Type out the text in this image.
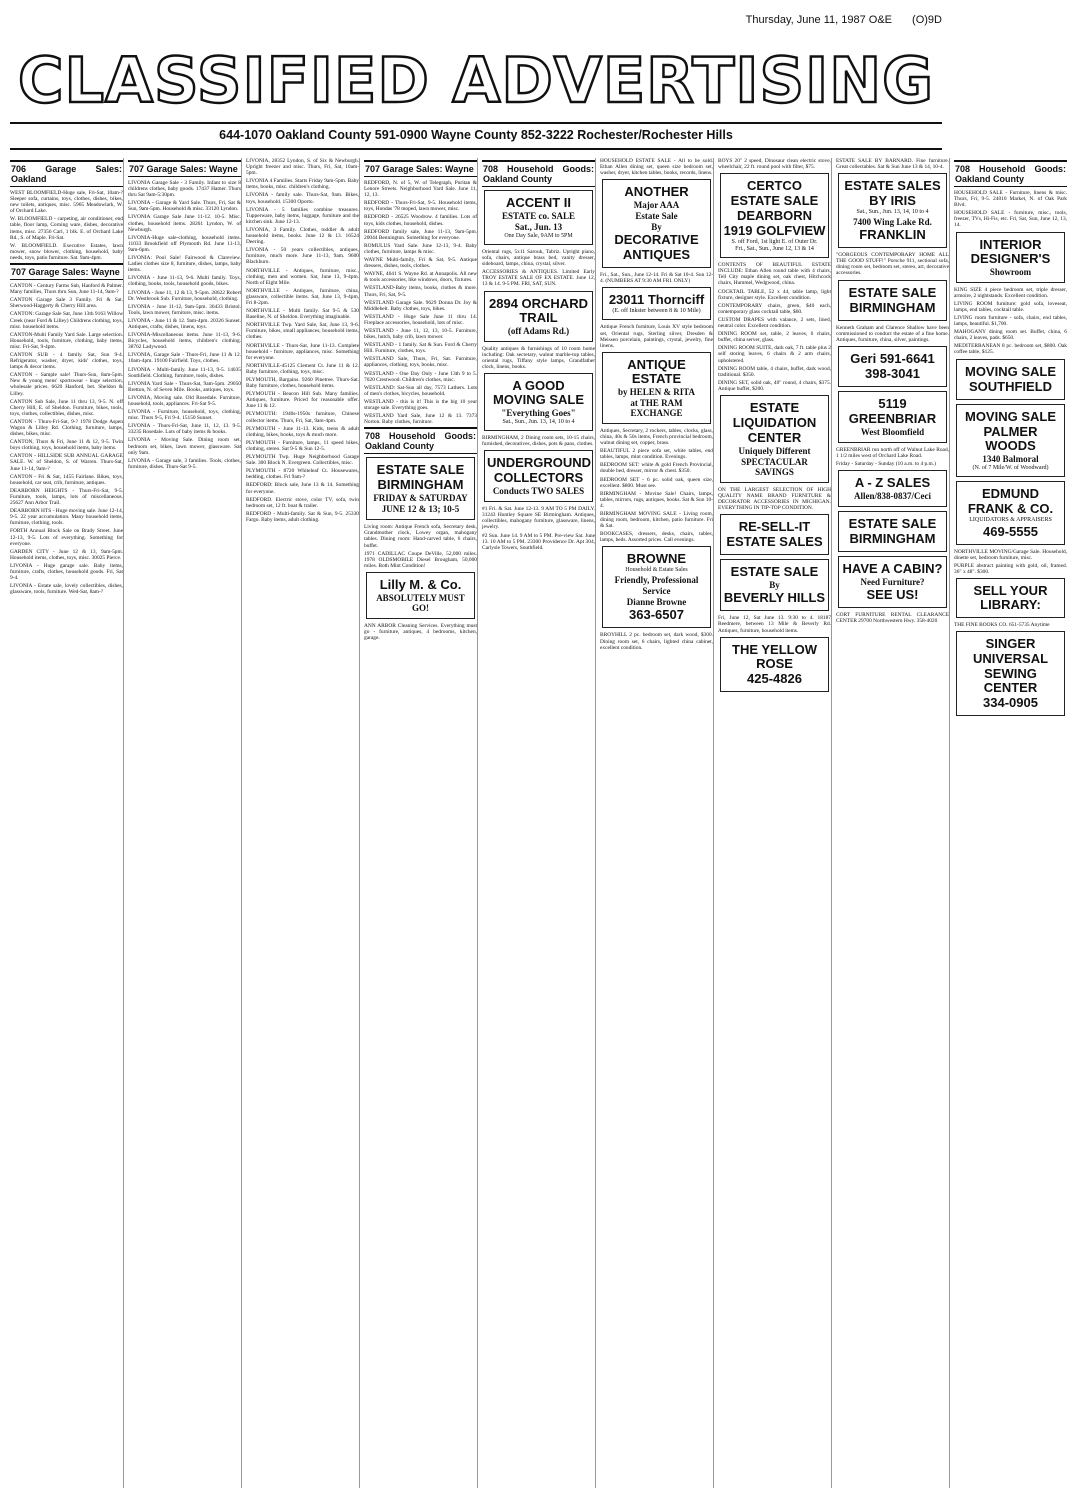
Thursday, June 11, 1987 O&E (O)9D
CLASSIFIED ADVERTISING
644-1070 Oakland County 591-0900 Wayne County 852-3222 Rochester/Rochester Hills
706 Garage Sales: Oakland

WEST BLOOMFIELD-Huge sale, Fri-Sat, 10am-? Sleeper sofa, curtains, toys, clothes, dishes, bikes, new toilets, antiques, misc. 5965 Meadowlark, W. of Orchard Lake.

W. BLOOMFIELD - carpeting, air conditioner, end table, floor lamp, Corning ware, dishes, decorative items, misc. 27356 Carl, 1 blk. E. of Orchard Lake Rd., S. of Maple. Fri-Sat.

W. BLOOMFIELD. Executive Estates, lawn mower, snow blower, clothing, household, baby needs, toys, patio furniture. Sat. 9am-4pm.

707 Garage Sales: Wayne

CANTON - Century Farms Sub, Hanford & Palmer. Many families, Thurs thru Sun, June 11-14, 9am-?

CANTON Garage Sale 3 Family. Fri & Sat. Sherwood-Haggerty & Cherry Hill area.

CANTON: Garage Sale Sat, June 13th 9163 Willow Creek (near Ford & Lilley) Childrens clothing, toys, misc. household items.

CANTON-Multi Family Yard Sale. Large selection. Household, tools, furniture, clothing, baby items, misc. Fri-Sat, 9-4pm.

CANTON SUB - 4 family. Sat, Sun 9-4. Refrigerator, washer, dryer, kids' clothes, toys, lamps & decor items.

CANTON - Sample sale! Thurs-Sun, 8am-5pm. New & young mens' sportswear - huge selection, wholesale prices. 6620 Hanford, bet. Sheldon & Lilley.

CANTON Sub Sale, June 11 thru 13, 9-5. N. off Cherry Hill, E. of Sheldon. Furniture, bikes, tools, toys, clothes, collectibles, dishes, misc.

CANTON - Thurs-Fri-Sat, 9-? 1978 Dodge Aspen Wagon & Lilley Rd. Clothing, furniture, lamps, dishes, bikes, misc.

CANTON, Thurs & Fri, June 11 & 12, 9-5. Twin boys clothing, toys, household items, baby items.

CANTON - HILLSIDE SUB ANNUAL GARAGE SALE. W. of Sheldon, S. of Warren. Thurs-Sat, June 11-14, 9am-?

CANTON - Fri & Sat, 1455 Fairlane. Bikes, toys, household, car seat, crib, furniture, antiques.

DEARBORN HEIGHTS - Thurs-Fri-Sat, 9-5. Furniture, tools, lamps, lots of miscellaneous. 25627 Ann Arbor Trail.

DEARBORN HTS - Huge moving sale. June 12-14, 9-5. 22 year accumulation. Many household items, furniture, clothing, tools.

FORTH Annual Block Sale on Brady Street. June 12-13, 9-5. Lots of everything. Something for everyone.

GARDEN CITY - June 12 & 13, 9am-5pm. Household items, clothes, toys, misc. 30025 Pierce.

LIVONIA - Huge garage sale. Baby items, furniture, crafts, clothes, household goods. Fri, Sat 9-4.

LIVONIA - Estate sale, lovely collectibles, dishes, glassware, tools, furniture. Wed-Sat, 8am-?

707 Garage Sales: Wayne

LIVONIA Garage Sale - 3 Family. Infant to size 8 childrens clothes, baby goods. 17437 Hamer. Thurs thru Sat 9am-5:30pm.

LIVONIA - Garage & Yard Sale. Thurs, Fri, Sat & Sun, 9am-5pm. Household & misc. 33120 Lyndon.

LIVONIA Garage Sale June 11-12. 10-5. Misc. clothes, household items. 28261 Lyndon, W. of Newburgh.

LIVONIA-Huge sale-clothing, household items. 11033 Brookfield off Plymouth Rd. June 11-13, 9am-6pm.

LIVONIA: Pool Sale! Fairwood & Clareview. Ladies clothes size 8, furniture, dishes, lamps, baby items.

LIVONIA - June 11-13, 9-6. Multi family. Toys, clothing, books, tools, household goods, bikes.

LIVONIA - June 11, 12 & 13, 9-5pm. 28622 Robert Dr. Westbrook Sub. Furniture, household, clothing.

LIVONIA - June 11-12, 9am-5pm. 36433 Bristol. Tools, lawn mower, furniture, misc. items.

LIVONIA - June 11 & 12. 9am-4pm. 20326 Sunset. Antiques, crafts, dishes, linens, toys.

LIVONIA-Miscellaneous items. June 11-13, 9-6. Bicycles, household items, children's clothing. 38762 Ladywood.

LIVONIA, Garage Sale - Thurs-Fri, June 11 & 12. 10am-4pm. 19100 Fairfield. Toys, clothes.

LIVONIA - Multi-family. June 11-13, 9-5. 14035 Southfield. Clothing, furniture, tools, dishes.

LIVONIA Yard Sale - Thurs-Sat, 9am-5pm. 29050 Bretton, N. of Seven Mile. Books, antiques, toys.

LIVONIA, Moving sale. Old Rosedale. Furniture, household, tools, appliances. Fri-Sat 9-5.

LIVONIA - Furniture, household, toys, clothing, misc. Thurs 9-5, Fri 9-4. 15150 Sunset.

LIVONIA - Thurs-Fri-Sat, June 11, 12, 13. 9-5. 33235 Rosedale. Lots of baby items & books.

LIVONIA - Moving Sale. Dining room set, bedroom set, bikes, lawn mower, glassware. Sat only 9am.

LIVONIA - Garage sale, 3 families. Tools, clothes, furniture, dishes. Thurs-Sat 9-5.

LIVONIA, 28352 Lyndon, S. of Six & Newburgh. Upright freezer and misc. Thurs, Fri, Sat, 10am-5pm.

LIVONIA 4 Families. Starts Friday 9am-5pm. Baby items, books, misc. children's clothing.

LIVONIA - family sale. Thurs-Sat, 9am. Bikes, toys, household. 15300 Oporto.

LIVONIA - 5 families combine treasures. Tupperware, baby items, luggage, furniture and the kitchen sink. June 12-13.

LIVONIA, 3 Family. Clothes, toddler & adult household items, books. June 12 & 13. 16524 Deering.

LIVONIA - 50 years collectibles, antiques, furniture, much more. June 11-13, 9am. 9600 Blackburn.

NORTHVILLE - Antiques, furniture, misc., clothing, men and women. Sat, June 13, 9-4pm. North of Eight Mile.

NORTHVILLE - Antiques, furniture, china, glassware, collectible items. Sat, June 13, 9-4pm, Fri 8-2pm.

NORTHVILLE - Multi family. Sat 9-5 & 530 Baseline, N. of Sheldon. Everything imaginable.

NORTHVILLE Twp. Yard Sale, Sat, June 13, 9-6. Furniture, bikes, small appliances, household items, clothes.

NORTHVILLE - Thurs-Sat, June 11-13. Complete household - furniture, appliances, misc. Something for everyone.

NORTHVILLE-45125 Clement Ct. June 11 & 12. Baby furniture, clothing, toys, misc.

PLYMOUTH, Bargains. 9260 Pinetree. Thurs-Sat. Baby furniture, clothes, household items.

PLYMOUTH - Beacon Hill Sub. Many families. Antiques, furniture. Priced for reasonable offer. June 11 & 12.

PLYMOUTH: 1940s-1950s furniture, Chinese collector items. Thurs, Fri, Sat, 9am-4pm.

PLYMOUTH - June 11-13. Kids, teens & adult clothing, bikes, books, toys & much more.

PLYMOUTH - Furniture, lamps, 11 speed bikes, clothing, stereo. Sat 9-5 & Sun 12-5.

PLYMOUTH Twp. Huge Neighborhood Garage Sale. 300 Block N. Evergreen. Collectibles, misc.

PLYMOUTH - 8720 Whiteleaf Ct. Housewares, bedding, clothes. Fri 9am-?

REDFORD: Block sale, June 13 & 14. Something for everyone.

REDFORD. Electric stove, color TV, sofa, twin bedroom set, 12 ft. boat & trailer.

REDFORD - Multi-family. Sat & Sun, 9-5. 25330 Fargo. Baby items, adult clothing.

707 Garage Sales: Wayne

REDFORD, N. of 5, W. of Telegraph, Puritan & Lenore Streets. Neighborhood Yard Sale. June 11, 12, 13.

REDFORD - Thurs-Fri-Sat, 9-5. Household items, toys, Hondas '78 moped, lawn mower, misc.

REDFORD - 26525 Woodrow. 4 families. Lots of toys, kids clothes, household, dishes.

REDFORD family sale, June 11-13, 9am-5pm. 20044 Bennington. Something for everyone.

ROMULUS Yard Sale. June 12-13, 9-4. Baby clothes, furniture, lamps & misc.

WAYNE Multi-family, Fri & Sat, 9-5. Antique dressers, dishes, tools, clothes.

WAYNE, 4641 S. Wayne Rd. at Annapolis. All new & tools accessories, like windows, doors, fixtures.

WESTLAND-Baby items, books, clothes & more. Thurs, Fri, Sat, 9-5.

WESTLAND Garage Sale. 9629 Donna Dr. Joy & Middlebelt. Baby clothes, toys, bikes.

WESTLAND - Huge Sale June 11 thru 14. Fireplace accessories, household, lots of misc.

WESTLAND - June 11, 12, 13, 10-5. Furniture, bikes, hutch, baby crib, lawn mower.

WESTLAND - 1 family. Sat & Sun. Ford & Cherry Hill. Furniture, clothes, toys.

WESTLAND Sale, Thurs, Fri, Sat. Furniture, appliances, clothing, toys, books, misc.

WESTLAND - One Day Only - June 13th 9 to 5. 7020 Crestwood. Children's clothes, misc.

WESTLAND: Sat-Sun all day, 7573 Lathers. Lots of men's clothes, bicycles, household.

WESTLAND - this is it! This is the big 10 year storage sale. Everything goes.

WESTLAND Yard Sale, June 12 & 13. 7373 Norton. Baby clothes, furniture.

708 Household Goods: Oakland County
ESTATE SALE
BIRMINGHAM
FRIDAY & SATURDAY
JUNE 12 & 13; 10-5

Living room: Antique French sofa, Secretary desk, Grandmother clock, Lowey organ, mahogany tables. Dining room: Hand-carved table, 6 chairs, buffet.

1971 CADILLAC Coupe DeVille, 52,000 miles. 1978 OLDSMOBILE Diesel Brougham, 50,000 miles. Both Mint Condition!

Lilly M. & Co.
ABSOLUTELY MUST GO!

ANN ARBOR Cleaning Services. Everything must go - furniture, antiques, 4 bedrooms, kitchen, garage.

708 Household Goods: Oakland County
ACCENT II
ESTATE co. SALE
Sat., Jun. 13
One Day Sale, 9AM to 5PM

Oriental rugs, 5x11 Sarouk, Tabriz. Upright piano, sofa, chairs, antique brass bed, vanity dresser, sideboard, lamps, china, crystal, silver.

ACCESSORIES & ANTIQUES. Limited Early TROY ESTATE SALE OF EX ESTATE. June 12, 13 & 14. 9-5 PM. FRI, SAT, SUN.

2894 ORCHARD TRAIL
(off Adams Rd.)

Quality antiques & furnishings of 10 room home including: Oak secretary, walnut marble-top tables, oriental rugs, Tiffany style lamps, Grandfather clock, linens, books.

A GOOD MOVING SALE
"Everything Goes"
Sat., Sun., Jun. 13, 14, 10 to 4

BIRMINGHAM, 2 Dining room sets, 10-15 chairs, furnished, decoratives, dishes, pots & pans, clothes.

UNDERGROUND
COLLECTORS
Conducts TWO SALES

#1 Fri. & Sat. June 12-13. 9 AM TO 5 PM DAILY. 31243 Huntley Square SE Birmingham. Antiques, collectibles, mahogany furniture, glassware, linens, jewelry.

#2 Sun. June 14. 9 AM to 5 PM. Pre-view Sat. June 13. 10 AM to 5 PM. 23300 Providence Dr. Apt 304, Carlysle Towers, Southfield.

HOUSEHOLD ESTATE SALE - All to be sold. Ethan Allen dining set, queen size bedroom set, washer, dryer, kitchen tables, books, records, linens.

ANOTHER
Major AAA
Estate Sale
By
DECORATIVE
ANTIQUES

Fri., Sat., Sun., June 12-14. Fri & Sat 10-4. Sun 12-4. (NUMBERS AT 9:30 AM FRI. ONLY)

23011 Thornciff
(E. off Inkster between 8 & 10 Mile)

Antique French furniture, Louis XV style bedroom set, Oriental rugs, Sterling silver, Dresden & Meissen porcelain, paintings, crystal, jewelry, fine linens.

ANTIQUE ESTATE
by HELEN & RITA
at THE RAM EXCHANGE

Antiques, Secretary, 2 rockers, tables, clocks, glass, china, 40s & 50s items, French provincial bedroom, walnut dining set, copper, brass.

BEAUTIFUL 2 piece sofa set, white tables, end tables, lamps, mint condition. Evenings.

BEDROOM SET: white & gold French Provincial, double bed, dresser, mirror & chest. $350.

BEDROOM SET - 6 pc. solid oak, queen size, excellent. $800. Must see.

BIRMINGHAM - Movine Sale! Chairs, lamps, tables, mirrors, rugs, antiques, books. Sat & Sun 10-4.

BIRMINGHAM MOVING SALE - Living room, dining room, bedroom, kitchen, patio furniture. Fri & Sat.

BOOKCASES, dressers, desks, chairs, tables, lamps, beds. Assorted prices. Call evenings.

BROWNE
Household & Estate Sales
Friendly, Professional
Service
Dianne Browne
363-6507

BROYHILL 2 pc. bedroom set, dark wood, $300. Dining room set, 6 chairs, lighted china cabinet, excellent condition.

BOYS 20" 2 speed, Dinosaur clean electric stove, wheelchair, 22 ft. round pool with filter, $75.

CERTCO
ESTATE SALE
DEARBORN
1919 GOLFVIEW
S. off Ford, 1st light E. of Outer Dr.
Fri., Sat., Sun., June 12, 13 & 14

CONTENTS OF BEAUTIFUL ESTATE INCLUDE: Ethan Allen round table with 4 chairs, Tell City maple dining set, oak chest, Hitchcock chairs, Hummel, Wedgwood, china.

COCKTAIL TABLE, 52 x 44, table lamp, light fixture, designer style. Excellent condition.

CONTEMPORARY chairs, green, $40 each, contemporary glass cocktail table, $60.

CUSTOM DRAPES with valance, 2 sets, lined, neutral color. Excellent condition.

DINING ROOM set, table, 2 leaves, 6 chairs, buffet, china server, glass.

DINING ROOM SUITE, dark oak, 7 ft. table plus 2 self storing leaves, 6 chairs & 2 arm chairs, upholstered.

DINING ROOM table, 4 chairs, buffet, dark wood, traditional. $350.

DINING SET, solid oak, 40" round, 4 chairs, $375. Antique buffet, $200.

ESTATE
LIQUIDATION
CENTER
Uniquely Different
SPECTACULAR SAVINGS

ON THE LARGEST SELECTION OF HIGH QUALITY NAME BRAND FURNITURE & DECORATOR ACCESSORIES IN MICHIGAN. EVERYTHING IN TIP-TOP CONDITION.

RE-SELL-IT
ESTATE SALES
ESTATE SALE
By
BEVERLY HILLS

Fri, June 12, Sat June 13. 9:30 to 4. 18187 Reedmere, between 13 Mile & Beverly Rd. Antiques, furniture, household items.

THE YELLOW ROSE
425-4826

ESTATE SALE BY BARNARD. Fine furniture. Great collectables. Sat & Sun June 13 & 14, 10-4.

ESTATE SALES
BY IRIS
Sat., Sun., Jun. 13, 14, 10 to 4
7400 Wing Lake Rd.
FRANKLIN

"GORGEOUS CONTEMPORARY HOME ALL THE GOOD STUFF!" Porsche 911, sectional sofa, dining room set, bedroom set, stereo, art, decorative accessories.

ESTATE SALE
BIRMINGHAM

Kenneth Graham and Clarence Shallow have been commissioned to conduct the estate of a fine home. Antiques, furniture, china, silver, paintings.

Geri 591-6641
398-3041
5119
GREENBRIAR
West Bloomfield

GREENBRIAR run north off of Walnut Lake Road, 1 1/2 miles west of Orchard Lake Road.

Friday - Saturday - Sunday (10 a.m. to 4 p.m.)

A - Z SALES
Allen/838-0837/Ceci
ESTATE SALE
BIRMINGHAM
HAVE A CABIN?
Need Furniture?
SEE US!

CORT FURNITURE RENTAL CLEARANCE CENTER 29700 Northwestern Hwy. 358-4020

708 Household Goods: Oakland County

HOUSEHOLD SALE - Furniture, linens & misc. Thurs, Fri, 9-5. 24010 Market, N. of Oak Park Blvd.

HOUSEHOLD SALE - furniture, misc., tools, freezer, TVs, Hi-Fis, etc. Fri, Sat, Sun, June 12, 13, 14.

INTERIOR DESIGNER'S
Showroom

KING SIZE 4 piece bedroom set, triple dresser, armoire, 2 nightstands. Excellent condition.

LIVING ROOM furniture: gold sofa, loveseat, lamps, end tables, cocktail table.

LIVING room furniture - sofa, chairs, end tables, lamps, beautiful. $1,700.

MAHOGANY dining room set. Buffet, china, 6 chairs, 2 leaves, pads. $650.

MEDITERRANEAN 8 pc. bedroom set, $800. Oak coffee table, $125.

MOVING SALE
SOUTHFIELD
MOVING SALE
PALMER WOODS
1340 Balmoral
(N. of 7 Mile/W. of Woodward)
EDMUND
FRANK & CO.
LIQUIDATORS & APPRAISERS
469-5555

NORTHVILLE MOVING/Garage Sale. Household, dinette set, bedroom furniture, misc.

PURPLE abstract painting with gold, oil, framed. 36" x 48". $300.

SELL YOUR LIBRARY:

THE FINE BOOKS CO. 651-5735 Anytime

SINGER
UNIVERSAL
SEWING CENTER
334-0905
